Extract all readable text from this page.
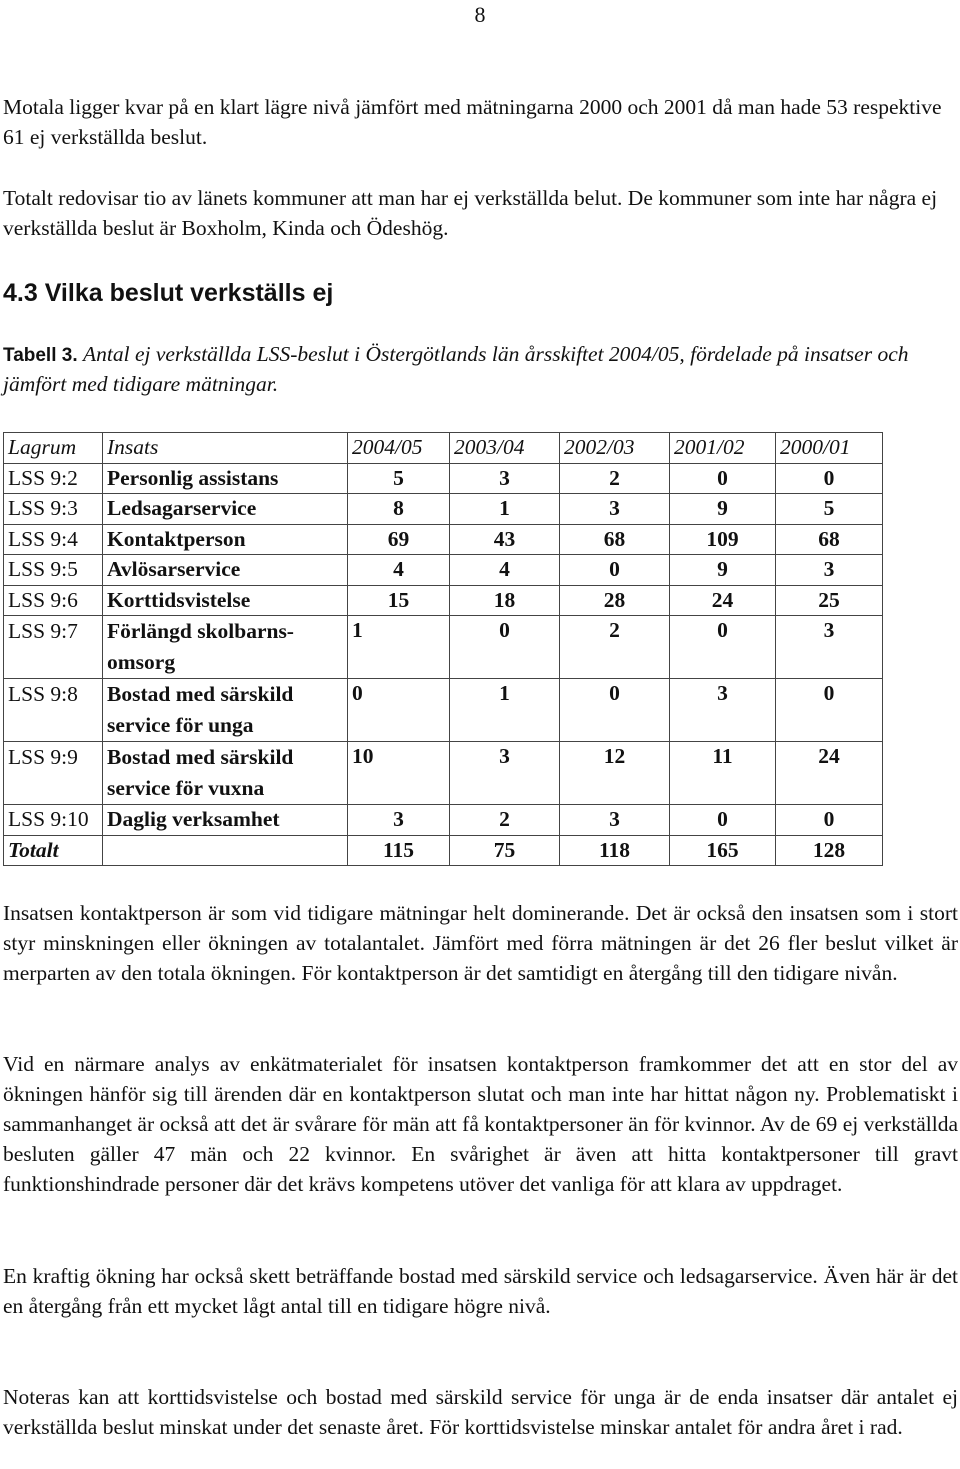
8

Motala ligger kvar på en klart lägre nivå jämfört med mätningarna 2000 och 2001 då man hade 53 respektive 61 ej verkställda beslut.

Totalt redovisar tio av länets kommuner att man har ej verkställda belut. De kommuner som inte har några ej verkställda beslut är Boxholm, Kinda och Ödeshög.

4.3 Vilka beslut verkställs ej

Tabell 3. Antal ej verkställda LSS-beslut i Östergötlands län årsskiftet 2004/05, fördelade på insatser och jämfört med tidigare mätningar.

Lagrum	Insats	2004/05	2003/04	2002/03	2001/02	2000/01
LSS 9:2	Personlig assistans	5	3	2	0	0
LSS 9:3	Ledsagarservice	8	1	3	9	5
LSS 9:4	Kontaktperson	69	43	68	109	68
LSS 9:5	Avlösarservice	4	4	0	9	3
LSS 9:6	Korttidsvistelse	15	18	28	24	25
LSS 9:7	Förlängd skolbarns-omsorg	1	0	2	0	3
LSS 9:8	Bostad med särskild service för unga	0	1	0	3	0
LSS 9:9	Bostad med särskild service för vuxna	10	3	12	11	24
LSS 9:10	Daglig verksamhet	3	2	3	0	0
Totalt		115	75	118	165	128

Insatsen kontaktperson är som vid tidigare mätningar helt dominerande. Det är också den insatsen som i stort styr minskningen eller ökningen av totalantalet. Jämfört med förra mätningen är det 26 fler beslut vilket är merparten av den totala ökningen. För kontaktperson är det samtidigt en återgång till den tidigare nivån.

Vid en närmare analys av enkätmaterialet för insatsen kontaktperson framkommer det att en stor del av ökningen hänför sig till ärenden där en kontaktperson slutat och man inte har hittat någon ny. Problematiskt i sammanhanget är också att det är svårare för män att få kontaktpersoner än för kvinnor. Av de 69 ej verkställda besluten gäller 47 män och 22 kvinnor. En svårighet är även att hitta kontaktpersoner till gravt funktionshindrade personer där det krävs kompetens utöver det vanliga för att klara av uppdraget.

En kraftig ökning har också skett beträffande bostad med särskild service och ledsagarservice. Även här är det en återgång från ett mycket lågt antal till en tidigare högre nivå.

Noteras kan att korttidsvistelse och bostad med särskild service för unga är de enda insatser där antalet ej verkställda beslut minskat under det senaste året. För korttidsvistelse minskar antalet för andra året i rad.
